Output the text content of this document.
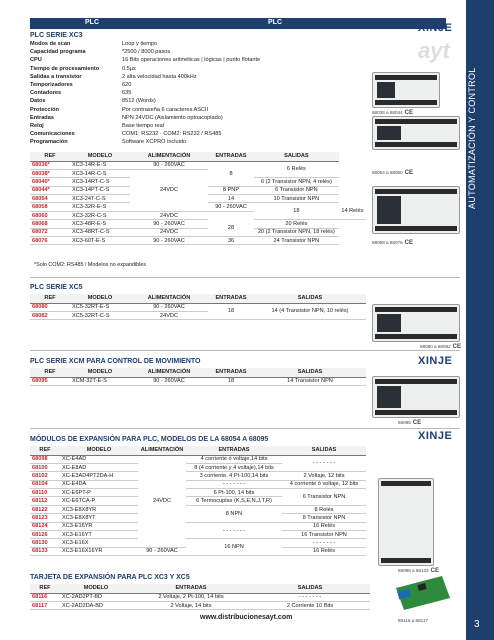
PLC	PLC
AUTOMATIZACIÓN Y CONTROL
3
ayt
XINJE
XINJE
XINJE
PLC SERIE XC3
Modos de scan	Loop y tiempo
Capacidad programa	*2500 / 8000 pasos
CPU	16 Bits operaciones aritméticas | lógicas | punto flotante
Tiempo de procesamiento	0.5µs
Salidas a transistor	2 alta velocidad hasta 400kHz
Temporizadores	620
Contadores	635
Datos	8512 (Words)
Protección	Por contraseña 6 caracteres ASCII
Entradas	NPN 24VDC (Aislamiento optoacoplado)
Reloj	Base tiempo real
Comunicaciones	COM1: RS232 · COM2: RS232 / RS485
Programación	Software XCPRO incluido
REF	MODELO	ALIMENTACIÓN	ENTRADAS	SALIDAS	
68036*	XC3-14R-E-S	90 - 260VAC	8	6 Relés	
68038*	XC3-14R-C-S	24VDC			
68040*	XC3-14RT-C-S			6 (2 Transistor NPN, 4 relés)	
68044*	XC3-14PT-C-S		8 PNP	6 Transistor NPN	
68054	XC3-24T-C-S		14	10 Transistor NPN	
68058	XC3-32R-E-S		90 - 260VAC	18	14 Relés
68060	XC3-32R-C-S	24VDC			
68068	XC3-48R-E-S	90 - 260VAC	28	20 Relés	
68072	XC3-48RT-C-S	24VDC		20 (2 Transistor NPN, 18 relés)	
68076	XC3-60T-E-S	90 - 260VAC	36	24 Transistor NPN	
*Solo COM2: RS485 / Modelos no expandibles
68036 a 68044 CE
68054 a 68060 CE
68068 a 68076 CE
PLC SERIE XC5
REF	MODELO	ALIMENTACIÓN	ENTRADAS	SALIDAS
68080	XC5-32RT-E-S	90 - 260VAC	18	14 (4 Transistor NPN, 10 relés)
68082	XC5-32RT-C-S	24VDC		
68080 a 68082 CE
PLC SERIE XCM PARA CONTROL DE MOVIMIENTO
REF	MODELO	ALIMENTACIÓN	ENTRADAS	SALIDAS
68095	XCM-32T-E-S	90 - 260VAC	18	14 Transistor NPN
68095 CE
MÓDULOS DE EXPANSIÓN PARA PLC, MODELOS DE LA 68054 A 68095
REF	MODELO	ALIMENTACIÓN	ENTRADAS	SALIDAS
68098	XC-E4AD	24VDC	4 corriente ó voltaje,14 bits	- - - - - - -
68100	XC-E8AD		8 (4 corriente y 4 voltaje),14 bits	
68102	XC-E3AD4PT2DA-H		3 corriente, 4 Pt-100,14 bits	2 Voltaje, 12 bits
68104	XC-E4DA		- - - - - - -	4 corriente ó voltaje, 12 bits
68110	XC-E6PT-P		6 Pt-100, 14 bits	6 Transistor NPN
68112	XC-E6TCA-P		6 Termocuplas (K,S,E,N,J,T,R)	
68122	XC3-E8X8YR		8 NPN	8 Relés
68123	XC3-E8X8YT			8 Transistor NPN
68124	XC3-E16YR		- - - - - - -	16 Relés
68126	XC3-E16YT			16 Transistor NPN
68130	XC3-E16X		16 NPN	- - - - - - -
68133	XC3-E16X16YR	90 - 260VAC		16 Relés
68098 a 68133 CE
TARJETA DE EXPANSIÓN PARA PLC XC3 Y XC5
REF	MODELO	ENTRADAS	SALIDAS
68116	XC-2AD2PT-BD	2 Voltaje, 2 Pt-100, 14 bits	- - - - - - -
68117	XC-2AD2DA-BD	2 Voltaje, 14 bits	2 Corriente 10 Bits
68116 a 68117
www.distribucionesayt.com
